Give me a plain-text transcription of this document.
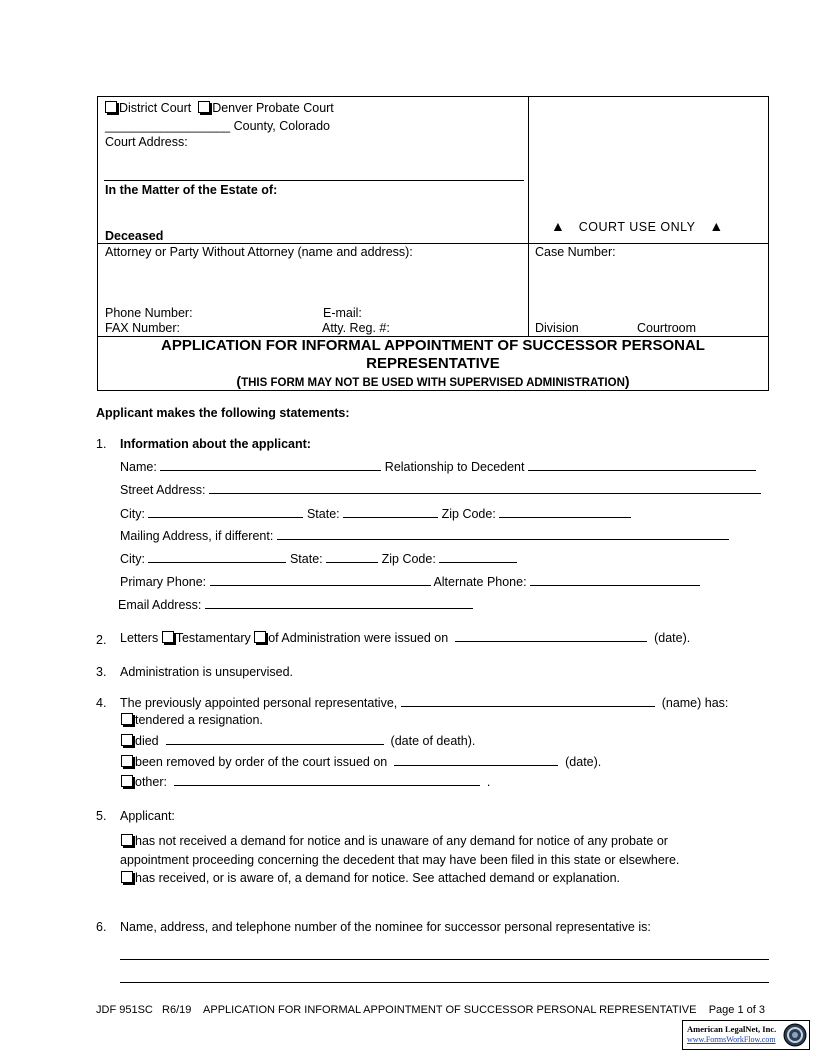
District Court Denver Probate Court
__________________ County, Colorado
Court Address:
In the Matter of the Estate of:
Deceased
▲ COURT USE ONLY ▲
Attorney or Party Without Attorney (name and address):	Case Number:
Phone Number:	E-mail:
FAX Number:	Atty. Reg. #:	Division	Courtroom
APPLICATION FOR INFORMAL APPOINTMENT OF SUCCESSOR PERSONAL
REPRESENTATIVE
(THIS FORM MAY NOT BE USED WITH SUPERVISED ADMINISTRATION)
Applicant makes the following statements:
1. Information about the applicant:
Name:	Relationship to Decedent
Street Address:
City:	State:	Zip Code:
Mailing Address, if different:
City:	State:	Zip Code:
Primary Phone:	Alternate Phone:
Email Address:
2. Letters Testamentary of Administration were issued on	(date).
3. Administration is unsupervised.
4. The previously appointed personal representative,	(name) has:
tendered a resignation.
died	(date of death).
been removed by order of the court issued on	(date).
other:	.
5. Applicant:
has not received a demand for notice and is unaware of any demand for notice of any probate or
appointment proceeding concerning the decedent that may have been filed in this state or elsewhere.
has received, or is aware of, a demand for notice. See attached demand or explanation.
6. Name, address, and telephone number of the nominee for successor personal representative is:
JDF 951SC R6/19 APPLICATION FOR INFORMAL APPOINTMENT OF SUCCESSOR PERSONAL REPRESENTATIVE Page 1 of 3
American LegalNet, Inc.
www.FormsWorkFlow.com
